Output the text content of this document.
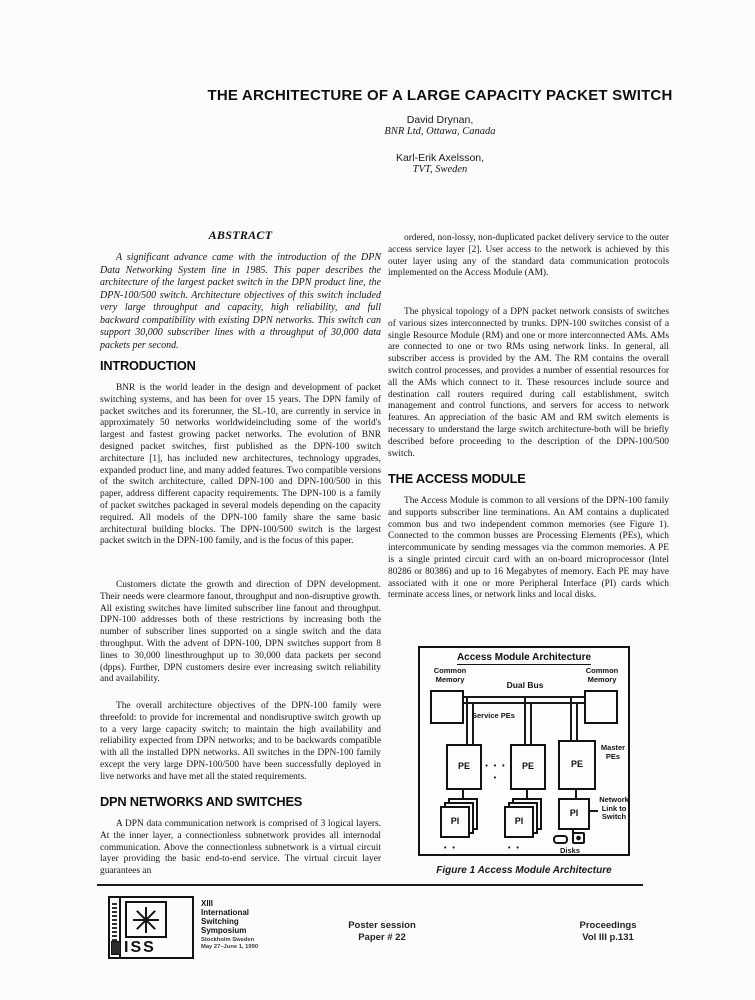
THE ARCHITECTURE OF A LARGE CAPACITY PACKET SWITCH
David Drynan,
BNR Ltd, Ottawa, Canada
Karl-Erik Axelsson,
TVT, Sweden
ABSTRACT
A significant advance came with the introduction of the DPN Data Networking System line in 1985. This paper describes the architecture of the largest packet switch in the DPN product line, the DPN-100/500 switch. Architecture objectives of this switch included very large throughput and capacity, high reliability, and full backward compatibility with existing DPN networks. This switch can support 30,000 subscriber lines with a throughput of 30,000 data packets per second.
INTRODUCTION
BNR is the world leader in the design and development of packet switching systems, and has been for over 15 years. The DPN family of packet switches and its forerunner, the SL-10, are currently in service in approximately 50 networks worldwideincluding some of the world's largest and fastest growing packet networks. The evolution of BNR designed packet switches, first published as the DPN-100 switch architecture [1], has included new architectures, technology upgrades, expanded product line, and many added features. Two compatible versions of the switch architecture, called DPN-100 and DPN-100/500 in this paper, address different capacity requirements. The DPN-100 is a family of packet switches packaged in several models depending on the capacity required. All models of the DPN-100 family share the same basic architectural building blocks. The DPN-100/500 switch is the largest packet switch in the DPN-100 family, and is the focus of this paper.
Customers dictate the growth and direction of DPN development. Their needs were clearmore fanout, throughput and non-disruptive growth. All existing switches have limited subscriber line fanout and throughput. DPN-100 addresses both of these restrictions by increasing both the number of subscriber lines supported on a single switch and the data throughput. With the advent of DPN-100, DPN switches support from 8 lines to 30,000 linesthroughput up to 30,000 data packets per second (dpps). Further, DPN customers desire ever increasing switch reliability and availability.
The overall architecture objectives of the DPN-100 family were threefold: to provide for incremental and nondisruptive switch growth up to a very large capacity switch; to maintain the high availability and reliability expected from DPN networks; and to be backwards compatible with all the installed DPN networks. All switches in the DPN-100 family except the very large DPN-100/500 have been successfully deployed in live networks and have met all the stated requirements.
DPN NETWORKS AND SWITCHES
A DPN data communication network is comprised of 3 logical layers. At the inner layer, a connectionless subnetwork provides all internodal communication. Above the connectionless subnetwork is a virtual circuit layer providing the basic end-to-end service. The virtual circuit layer guarantees an
ordered, non-lossy, non-duplicated packet delivery service to the outer access service layer [2]. User access to the network is achieved by this outer layer using any of the standard data communication protocols implemented on the Access Module (AM).
The physical topology of a DPN packet network consists of switches of various sizes interconnected by trunks. DPN-100 switches consist of a single Resource Module (RM) and one or more interconnected AMs. AMs are connected to one or two RMs using network links. In general, all subscriber access is provided by the AM. The RM contains the overall switch control processes, and provides a number of essential resources for all the AMs which connect to it. These resources include source and destination call routers required during call establishment, switch management and control functions, and servers for access to network features. An appreciation of the basic AM and RM switch elements is necessary to understand the large switch architecture-both will be briefly described before proceeding to the description of the DPN-100/500 switch.
THE ACCESS MODULE
The Access Module is common to all versions of the DPN-100 family and supports subscriber line terminations. An AM contains a duplicated common bus and two independent common memories (see Figure 1). Connected to the common busses are Processing Elements (PEs), which intercommunicate by sending messages via the common memories. A PE is a single printed circuit card with an on-board microprocessor (Intel 80286 or 80386) and up to 16 Megabytes of memory. Each PE may have associated with it one or more Peripheral Interface (PI) cards which terminate access lines, or network links and local disks.
Access Module Architecture
Common Memory
Common Memory
Dual Bus
Service PEs
Master PEs
PE	PE	PE
• • • •
PI	PI
PI
• •	• •
Network Link to Switch
Disks
Figure 1 Access Module Architecture
ISS
XIII
International
Switching
Symposium
Stockholm Sweden
May 27–June 1, 1990
Poster session
Paper # 22
Proceedings
Vol III p.131
